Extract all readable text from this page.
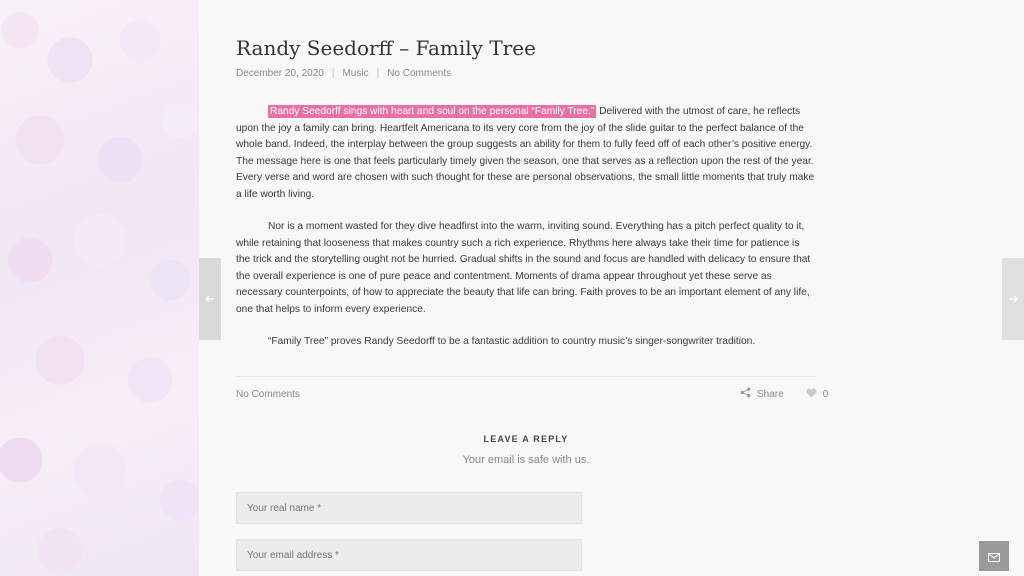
Randy Seedorff – Family Tree
December 20, 2020 | Music | No Comments

Randy Seedorff sings with heart and soul on the personal “Family Tree.” Delivered with the utmost of care, he reflects upon the joy a family can bring. Heartfelt Americana to its very core from the joy of the slide guitar to the perfect balance of the whole band. Indeed, the interplay between the group suggests an ability for them to fully feed off of each other’s positive energy. The message here is one that feels particularly timely given the season, one that serves as a reflection upon the rest of the year. Every verse and word are chosen with such thought for these are personal observations, the small little moments that truly make a life worth living.

Nor is a moment wasted for they dive headfirst into the warm, inviting sound. Everything has a pitch perfect quality to it, while retaining that looseness that makes country such a rich experience. Rhythms here always take their time for patience is the trick and the storytelling ought not be hurried. Gradual shifts in the sound and focus are handled with delicacy to ensure that the overall experience is one of pure peace and contentment. Moments of drama appear throughout yet these serve as necessary counterpoints, of how to appreciate the beauty that life can bring. Faith proves to be an important element of any life, one that helps to inform every experience.

“Family Tree” proves Randy Seedorff to be a fantastic addition to country music’s singer-songwriter tradition.

No Comments	Share	0
LEAVE A REPLY
Your email is safe with us.
Your real name *
Your email address *
